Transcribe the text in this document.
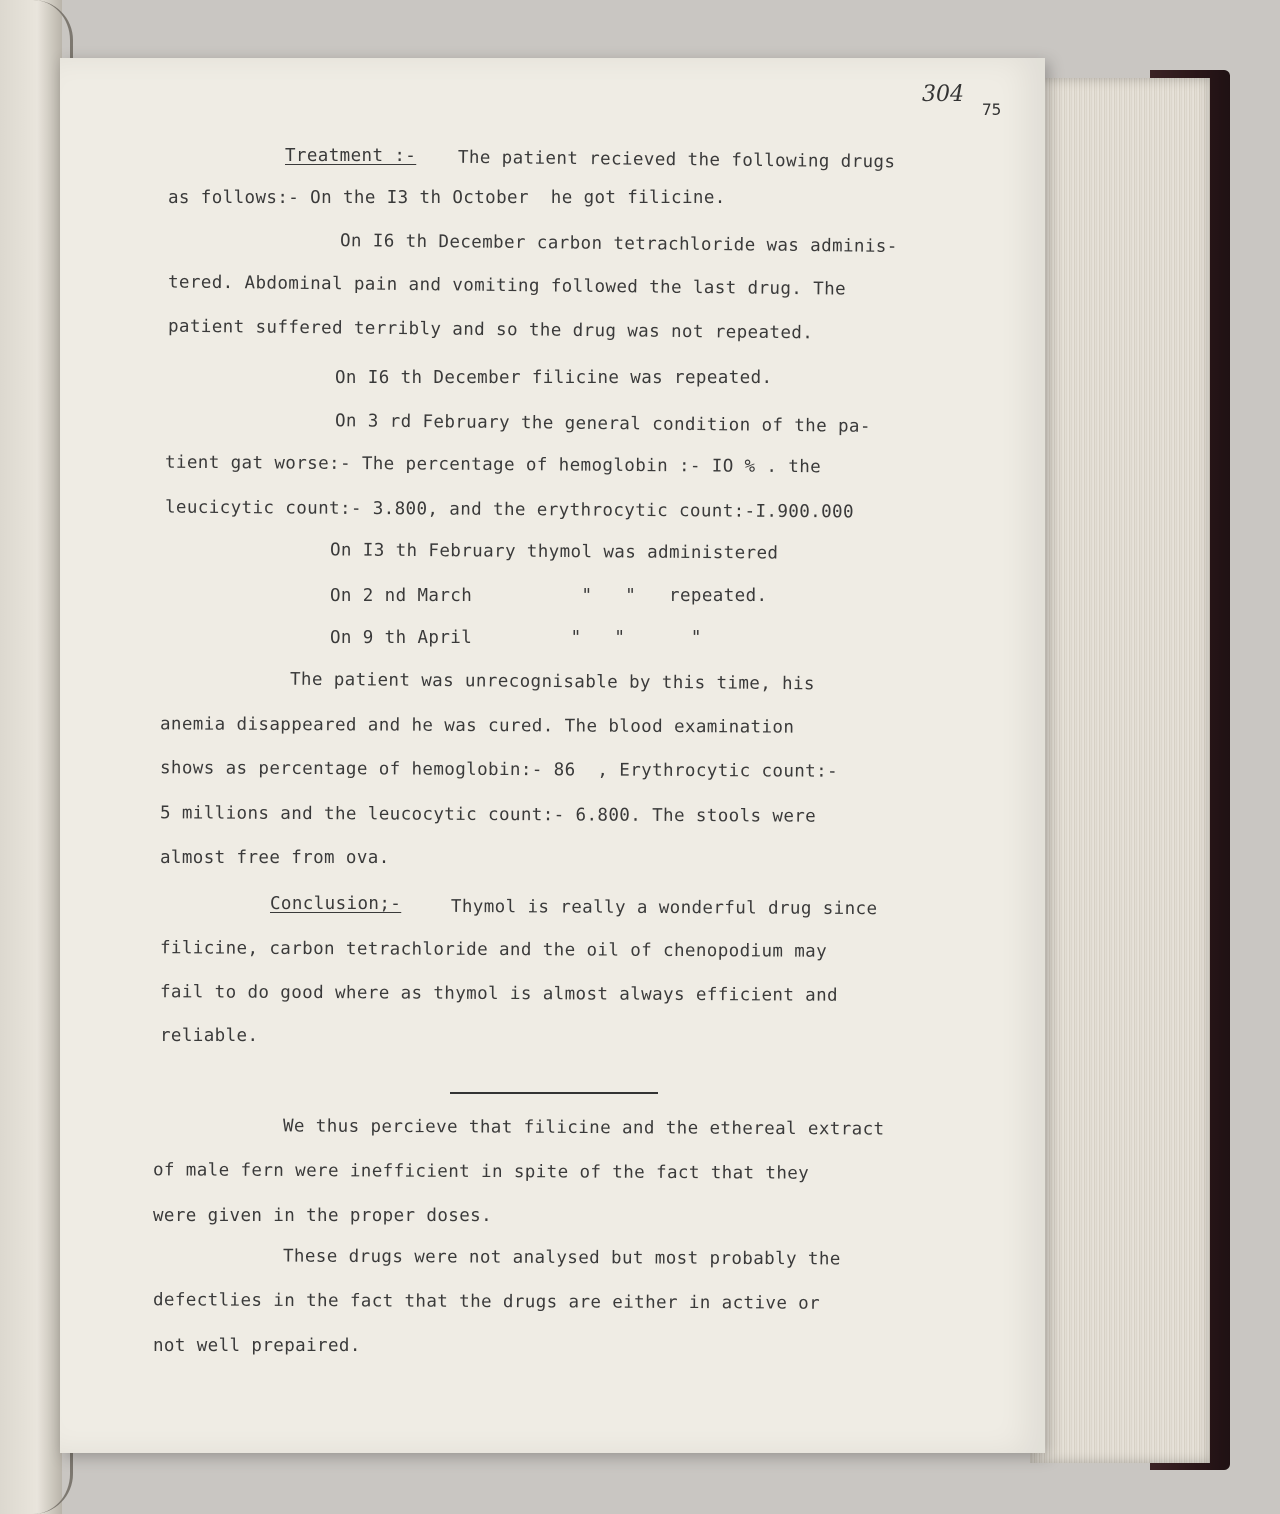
304
75
Treatment :- The patient recieved the following drugs
as follows:- On the I3 th October  he got filicine.
On I6 th December carbon tetrachloride was adminis-
tered. Abdominal pain and vomiting followed the last drug. The
patient suffered terribly and so the drug was not repeated.
On I6 th December filicine was repeated.
On 3 rd February the general condition of the pa-
tient gat worse:- The percentage of hemoglobin :- IO % . the
leucicytic count:- 3.800, and the erythrocytic count:-I.900.000
On I3 th February thymol was administered
On 2 nd March          "   "   repeated.
On 9 th April         "   "      "
The patient was unrecognisable by this time, his
anemia disappeared and he was cured. The blood examination
shows as percentage of hemoglobin:- 86  , Erythrocytic count:-
5 millions and the leucocytic count:- 6.800. The stools were
almost free from ova.
Conclusion;- Thymol is really a wonderful drug since
filicine, carbon tetrachloride and the oil of chenopodium may
fail to do good where as thymol is almost always efficient and
reliable.
We thus percieve that filicine and the ethereal extract
of male fern were inefficient in spite of the fact that they
were given in the proper doses.
These drugs were not analysed but most probably the
defectlies in the fact that the drugs are either in active or
not well prepaired.
